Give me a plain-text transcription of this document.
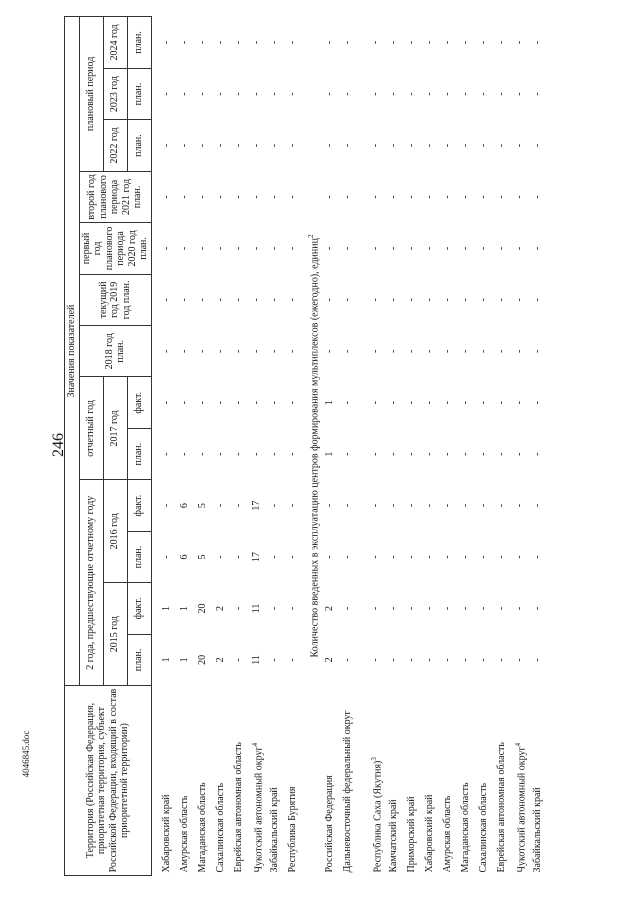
246
4046845.doc	Территория (Российская Федерация, приоритетная территория, субъект Российской Федерации, входящий в состав приоритетной территории)	Значения показателей												
	2 года, предшествующие отчетному году				отчетный год		2018 год план.	текущий год 2019 год план.	первый год планового периода 2020 год план.	второй год планового периода 2021 год план.	плановый период		
	2015 год		2016 год		2017 год						2022 год	2023 год	2024 год
	план.	факт.	план.	факт.	план.	факт.					план.	план.	план.

Хабаровский край	1	1	-	-	-	-	-	-	-	-	-	-	-
Амурская область	1	1	6	6	-	-	-	-	-	-	-	-	-
Магаданская область	20	20	5	5	-	-	-	-	-	-	-	-	-
Сахалинская область	2	2	-	-	-	-	-	-	-	-	-	-	-
Еврейская автономная область	-	-	-	-	-	-	-	-	-	-	-	-	-
Чукотский автономный округ$^4$	11	11	17	17	-	-	-	-	-	-	-	-	-
Забайкальский край	-	-	-	-	-	-	-	-	-	-	-	-	-
Республика Бурятия	-	-	-	-	-	-	-	-	-	-	-	-	-
Количество введенных в эксплуатацию центров формирования мультиплексов (ежегодно), единиц$^2$
Российская Федерация	2	2	-	-	1	1	-	-	-	-	-	-	-
Дальневосточный федеральный округ	-	-	-	-	-	-	-	-	-	-	-	-	-
Республика Саха (Якутия)$^3$	-	-	-	-	-	-	-	-	-	-	-	-	-
Камчатский край	-	-	-	-	-	-	-	-	-	-	-	-	-
Приморский край	-	-	-	-	-	-	-	-	-	-	-	-	-
Хабаровский край	-	-	-	-	-	-	-	-	-	-	-	-	-
Амурская область	-	-	-	-	-	-	-	-	-	-	-	-	-
Магаданская область	-	-	-	-	-	-	-	-	-	-	-	-	-
Сахалинская область	-	-	-	-	-	-	-	-	-	-	-	-	-
Еврейская автономная область	-	-	-	-	-	-	-	-	-	-	-	-	-
Чукотский автономный округ$^4$	-	-	-	-	-	-	-	-	-	-	-	-	-
Забайкальский край	-	-	-	-	-	-	-	-	-	-	-	-	-
